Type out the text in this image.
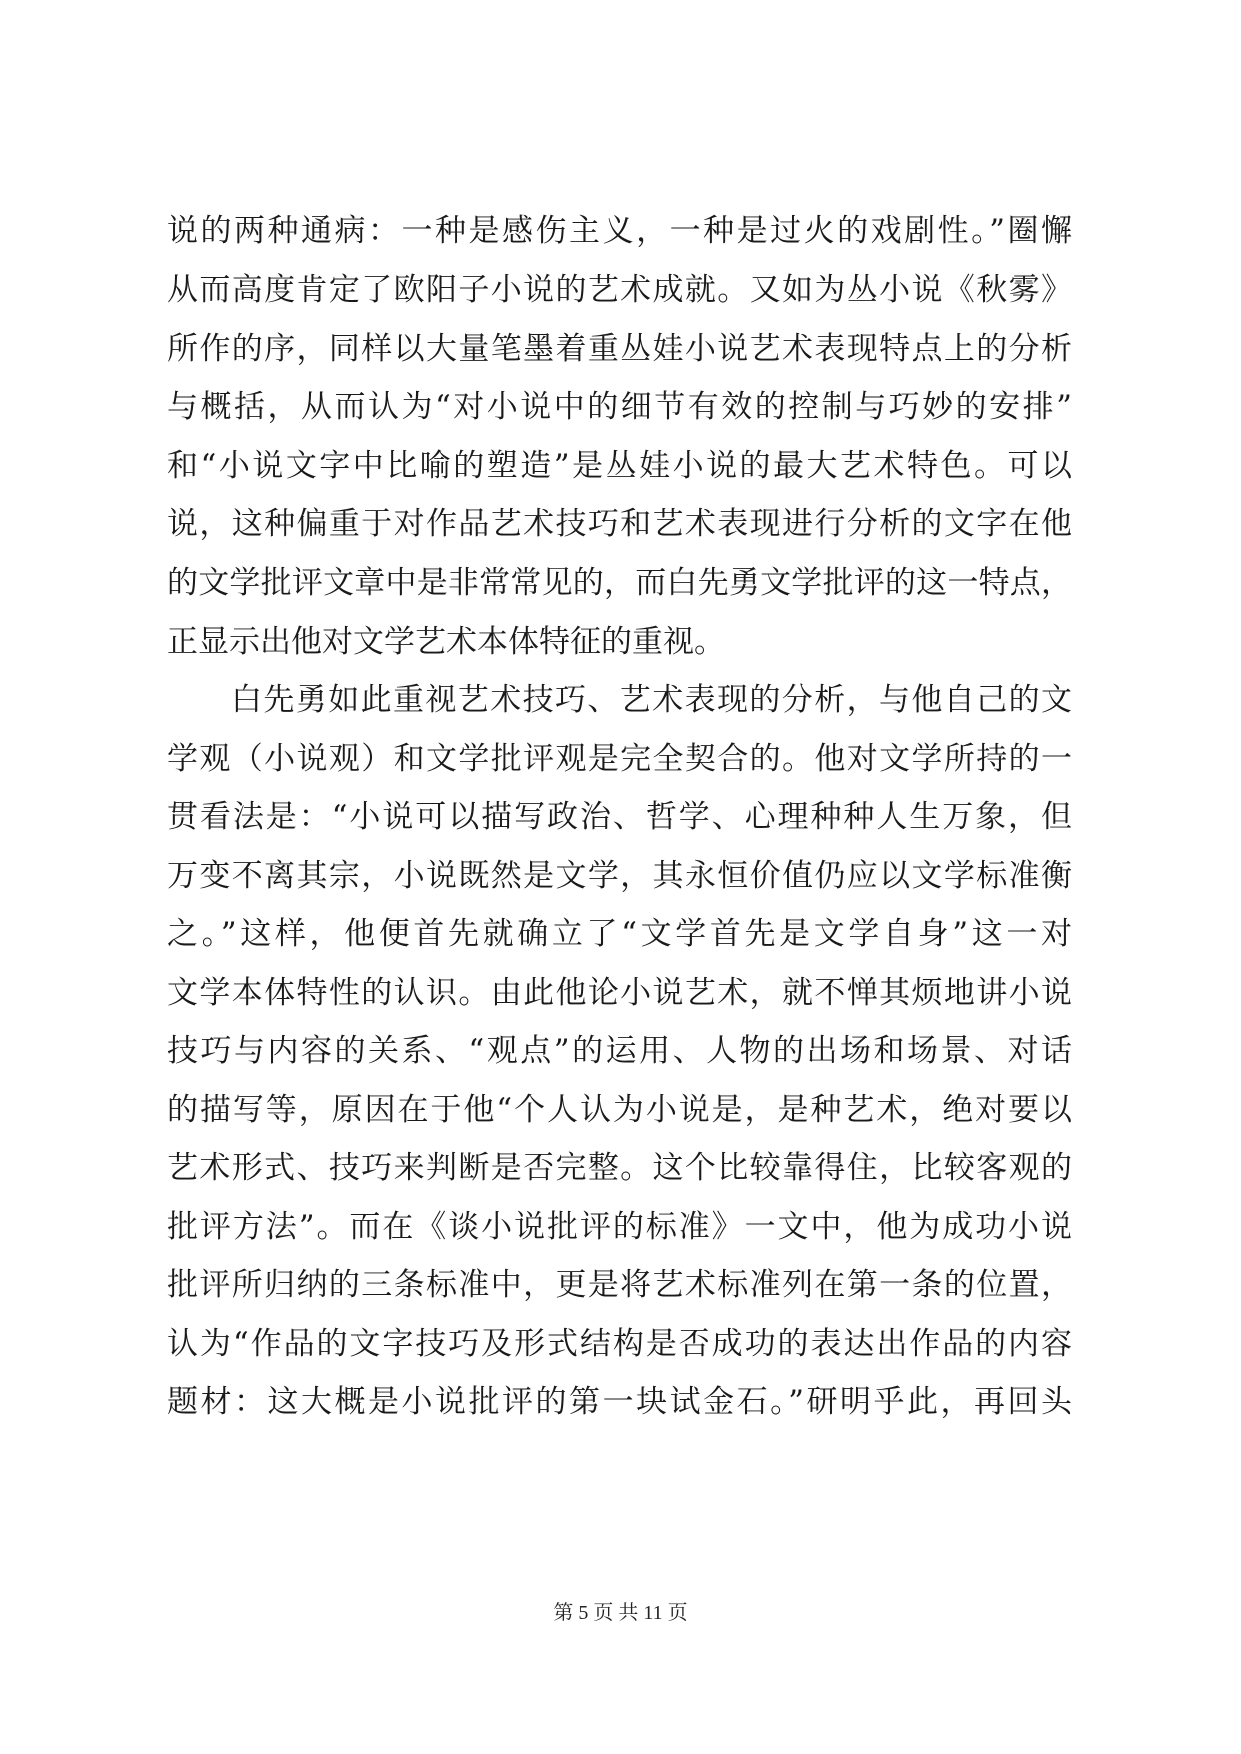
说的两种通病：一种是感伤主义，一种是过火的戏剧性。”圈懈
从而高度肯定了欧阳子小说的艺术成就。又如为丛小说《秋雾》
所作的序，同样以大量笔墨着重丛娃小说艺术表现特点上的分析
与概括，从而认为“对小说中的细节有效的控制与巧妙的安排”
和“小说文字中比喻的塑造”是丛娃小说的最大艺术特色。可以
说，这种偏重于对作品艺术技巧和艺术表现进行分析的文字在他
的文学批评文章中是非常常见的，而白先勇文学批评的这一特点，
正显示出他对文学艺术本体特征的重视。
白先勇如此重视艺术技巧、艺术表现的分析，与他自己的文
学观（小说观）和文学批评观是完全契合的。他对文学所持的一
贯看法是：“小说可以描写政治、哲学、心理种种人生万象，但
万变不离其宗，小说既然是文学，其永恒价值仍应以文学标准衡
之。”这样，他便首先就确立了“文学首先是文学自身”这一对
文学本体特性的认识。由此他论小说艺术，就不惮其烦地讲小说
技巧与内容的关系、“观点”的运用、人物的出场和场景、对话
的描写等，原因在于他“个人认为小说是，是种艺术，绝对要以
艺术形式、技巧来判断是否完整。这个比较靠得住，比较客观的
批评方法”。而在《谈小说批评的标准》一文中，他为成功小说
批评所归纳的三条标准中，更是将艺术标准列在第一条的位置，
认为“作品的文字技巧及形式结构是否成功的表达出作品的内容
题材：这大概是小说批评的第一块试金石。”研明乎此，再回头
第 5 页 共 11 页
